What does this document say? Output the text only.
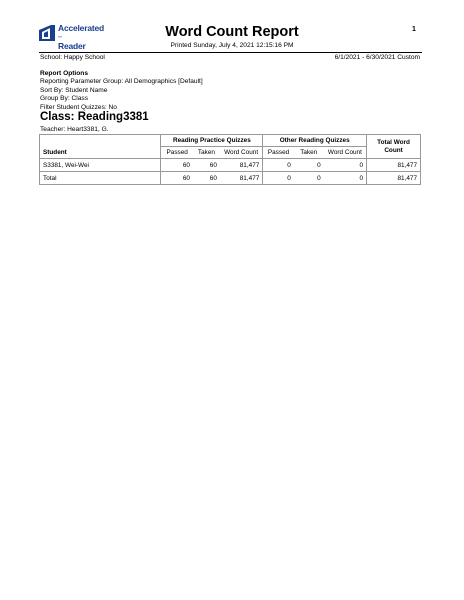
Accelerated
™
Reader
Word Count Report
Printed Sunday, July 4, 2021 12:15:16 PM
1
School: Happy School	6/1/2021 - 6/30/2021 Custom
Report Options
Reporting Parameter Group: All Demographics [Default]
Sort By: Student Name
Group By: Class
Filter Student Quizzes: No
Class: Reading3381
Teacher: Heart3381, G.
	Reading Practice Quizzes			Other Reading Quizzes			Total Word Count
Student	Passed	Taken	Word Count	Passed	Taken	Word Count	
S3381, Wei-Wei	60	60	81,477	0	0	0	81,477
Total	60	60	81,477	0	0	0	81,477
